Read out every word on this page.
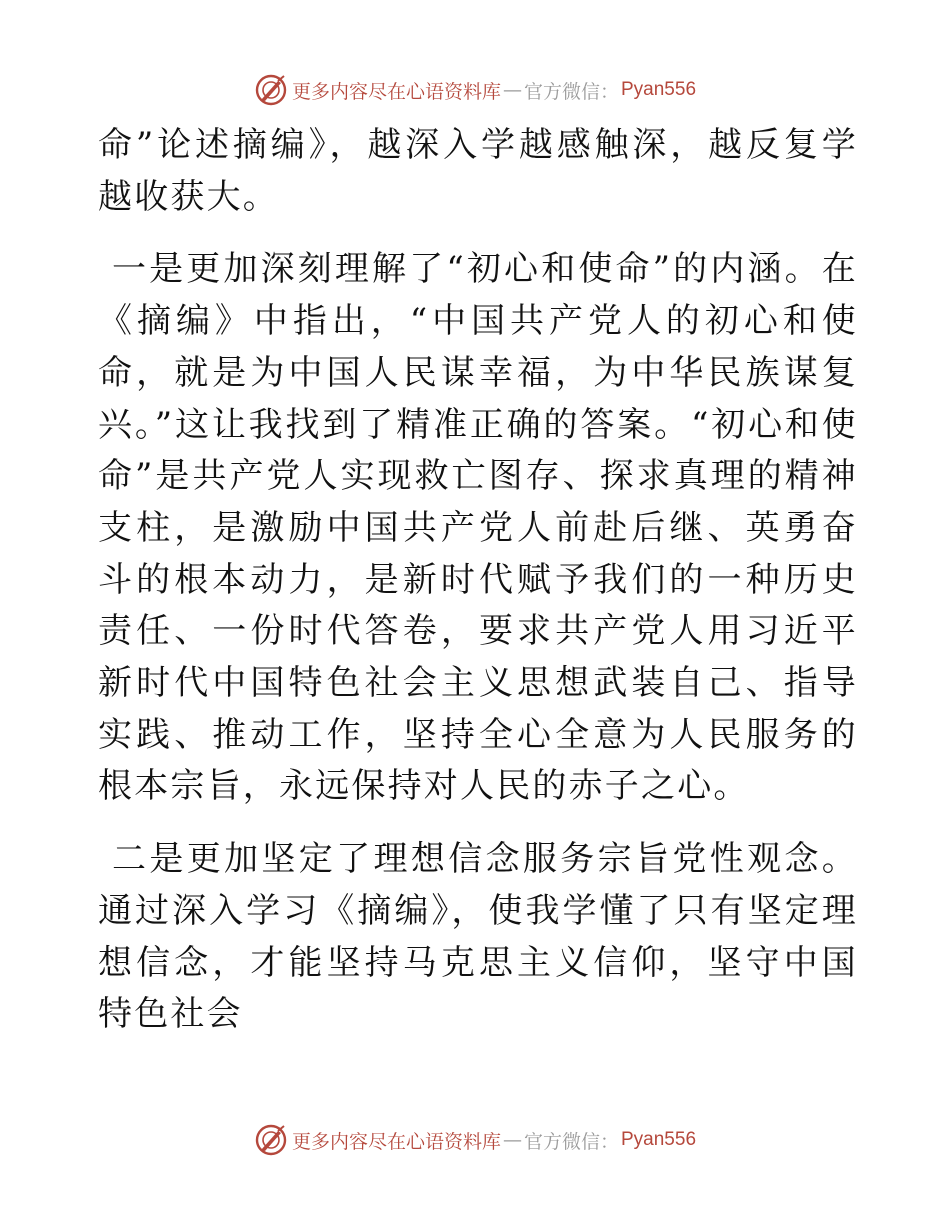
更多内容尽在心语资料库 — 官方微信： Pyan556

命”论述摘编》，越深入学越感触深，越反复学越收获大。

一是更加深刻理解了“初心和使命”的内涵。在《摘编》中指出，“中国共产党人的初心和使命，就是为中国人民谋幸福，为中华民族谋复兴。”这让我找到了精准正确的答案。“初心和使命”是共产党人实现救亡图存、探求真理的精神支柱，是激励中国共产党人前赴后继、英勇奋斗的根本动力，是新时代赋予我们的一种历史责任、一份时代答卷，要求共产党人用习近平新时代中国特色社会主义思想武装自己、指导实践、推动工作，坚持全心全意为人民服务的根本宗旨，永远保持对人民的赤子之心。

二是更加坚定了理想信念服务宗旨党性观念。通过深入学习《摘编》，使我学懂了只有坚定理想信念，才能坚持马克思主义信仰，坚守中国特色社会

更多内容尽在心语资料库 — 官方微信： Pyan556
